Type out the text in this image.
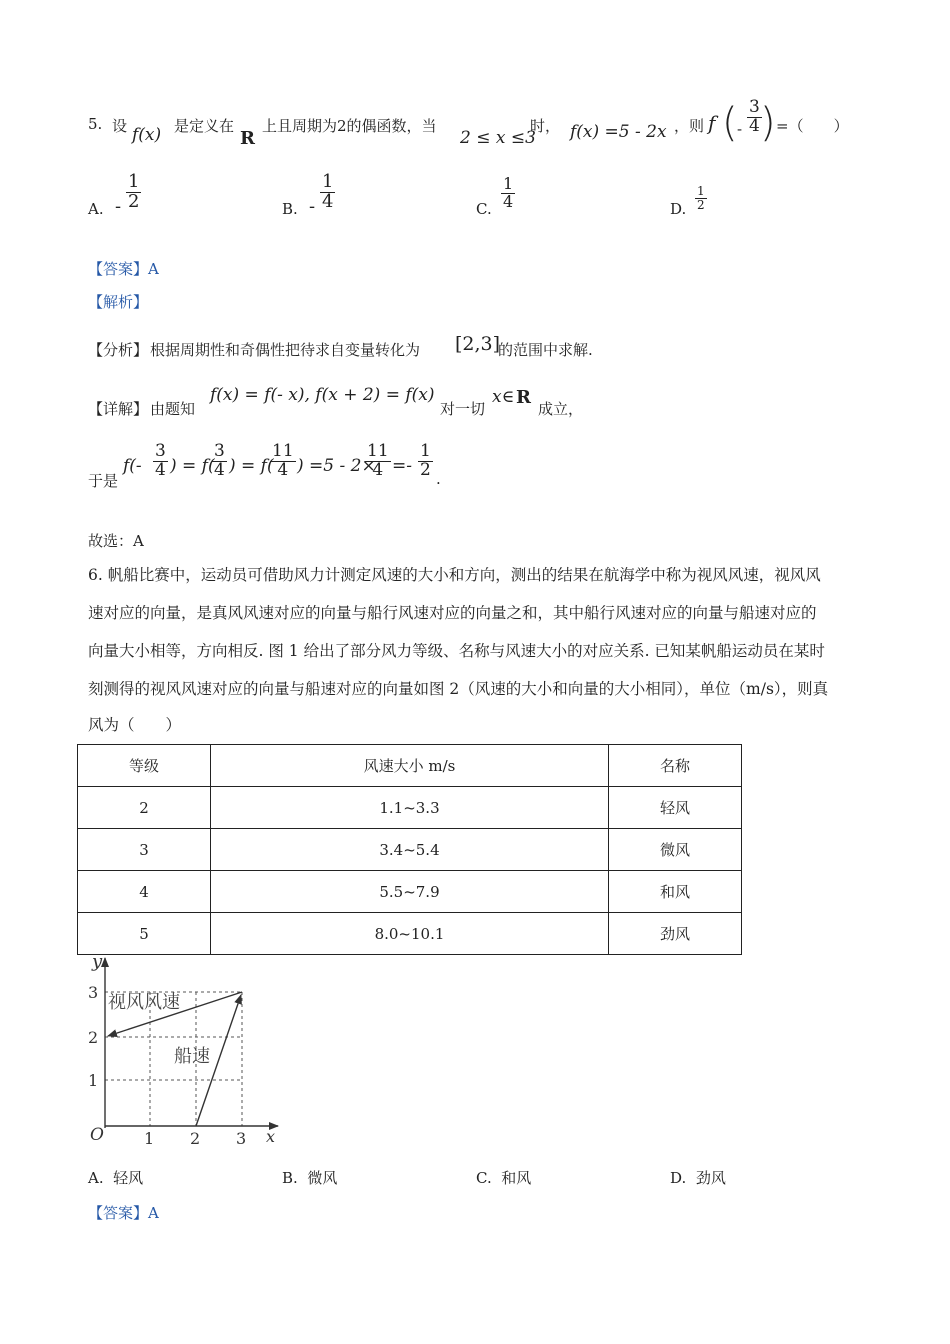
5. 设 f(x) 是定义在
R
上且周期为2的偶函数，当
2 ≤ x ≤3
时， f(x) =5 - 2x ，则 f ( - $\frac{3}{4}$
) =（　　）
A. - $\frac{1}{2}$	B. - $\frac{1}{4}$	C. $\frac{1}{4}$	D. $\frac{1}{2}$
【答案】A
【解析】
【分析】 根据周期性和奇偶性把待求自变量转化为 [2,3]
的范围中求解.
【详解】 由题知
f(x) = f(- x), f(x + 2) = f(x)
对一切
x∈ R
成立，
于是
$f(- \frac{3}{4}$ ) = f(
$\frac{3}{4}$ ) = f(
$\frac{11}{4}$ ) =5 - 2×
$\frac{11}{4} =- \frac{1}{2}$ .
故选：A
6. 帆船比赛中，运动员可借助风力计测定风速的大小和方向，测出的结果在航海学中称为视风风速，视风风
速对应的向量，是真风风速对应的向量与船行风速对应的向量之和，其中船行风速对应的向量与船速对应的
向量大小相等，方向相反. 图 1 给出了部分风力等级、名称与风速大小的对应关系. 已知某帆船运动员在某时
刻测得的视风风速对应的向量与船速对应的向量如图 2（风速的大小和向量的大小相同），单位（m/s），则真
风为（　　）
等级	风速大小 m/s	名称
2	1.1~3.3	轻风
3	3.4~5.4	微风
4	5.5~7.9	和风
5	8.0~10.1	劲风
y
x
O	1 2 3
1
2
3 视风风速
船速
A. 轻风	B. 微风	C. 和风	D. 劲风
【答案】A
